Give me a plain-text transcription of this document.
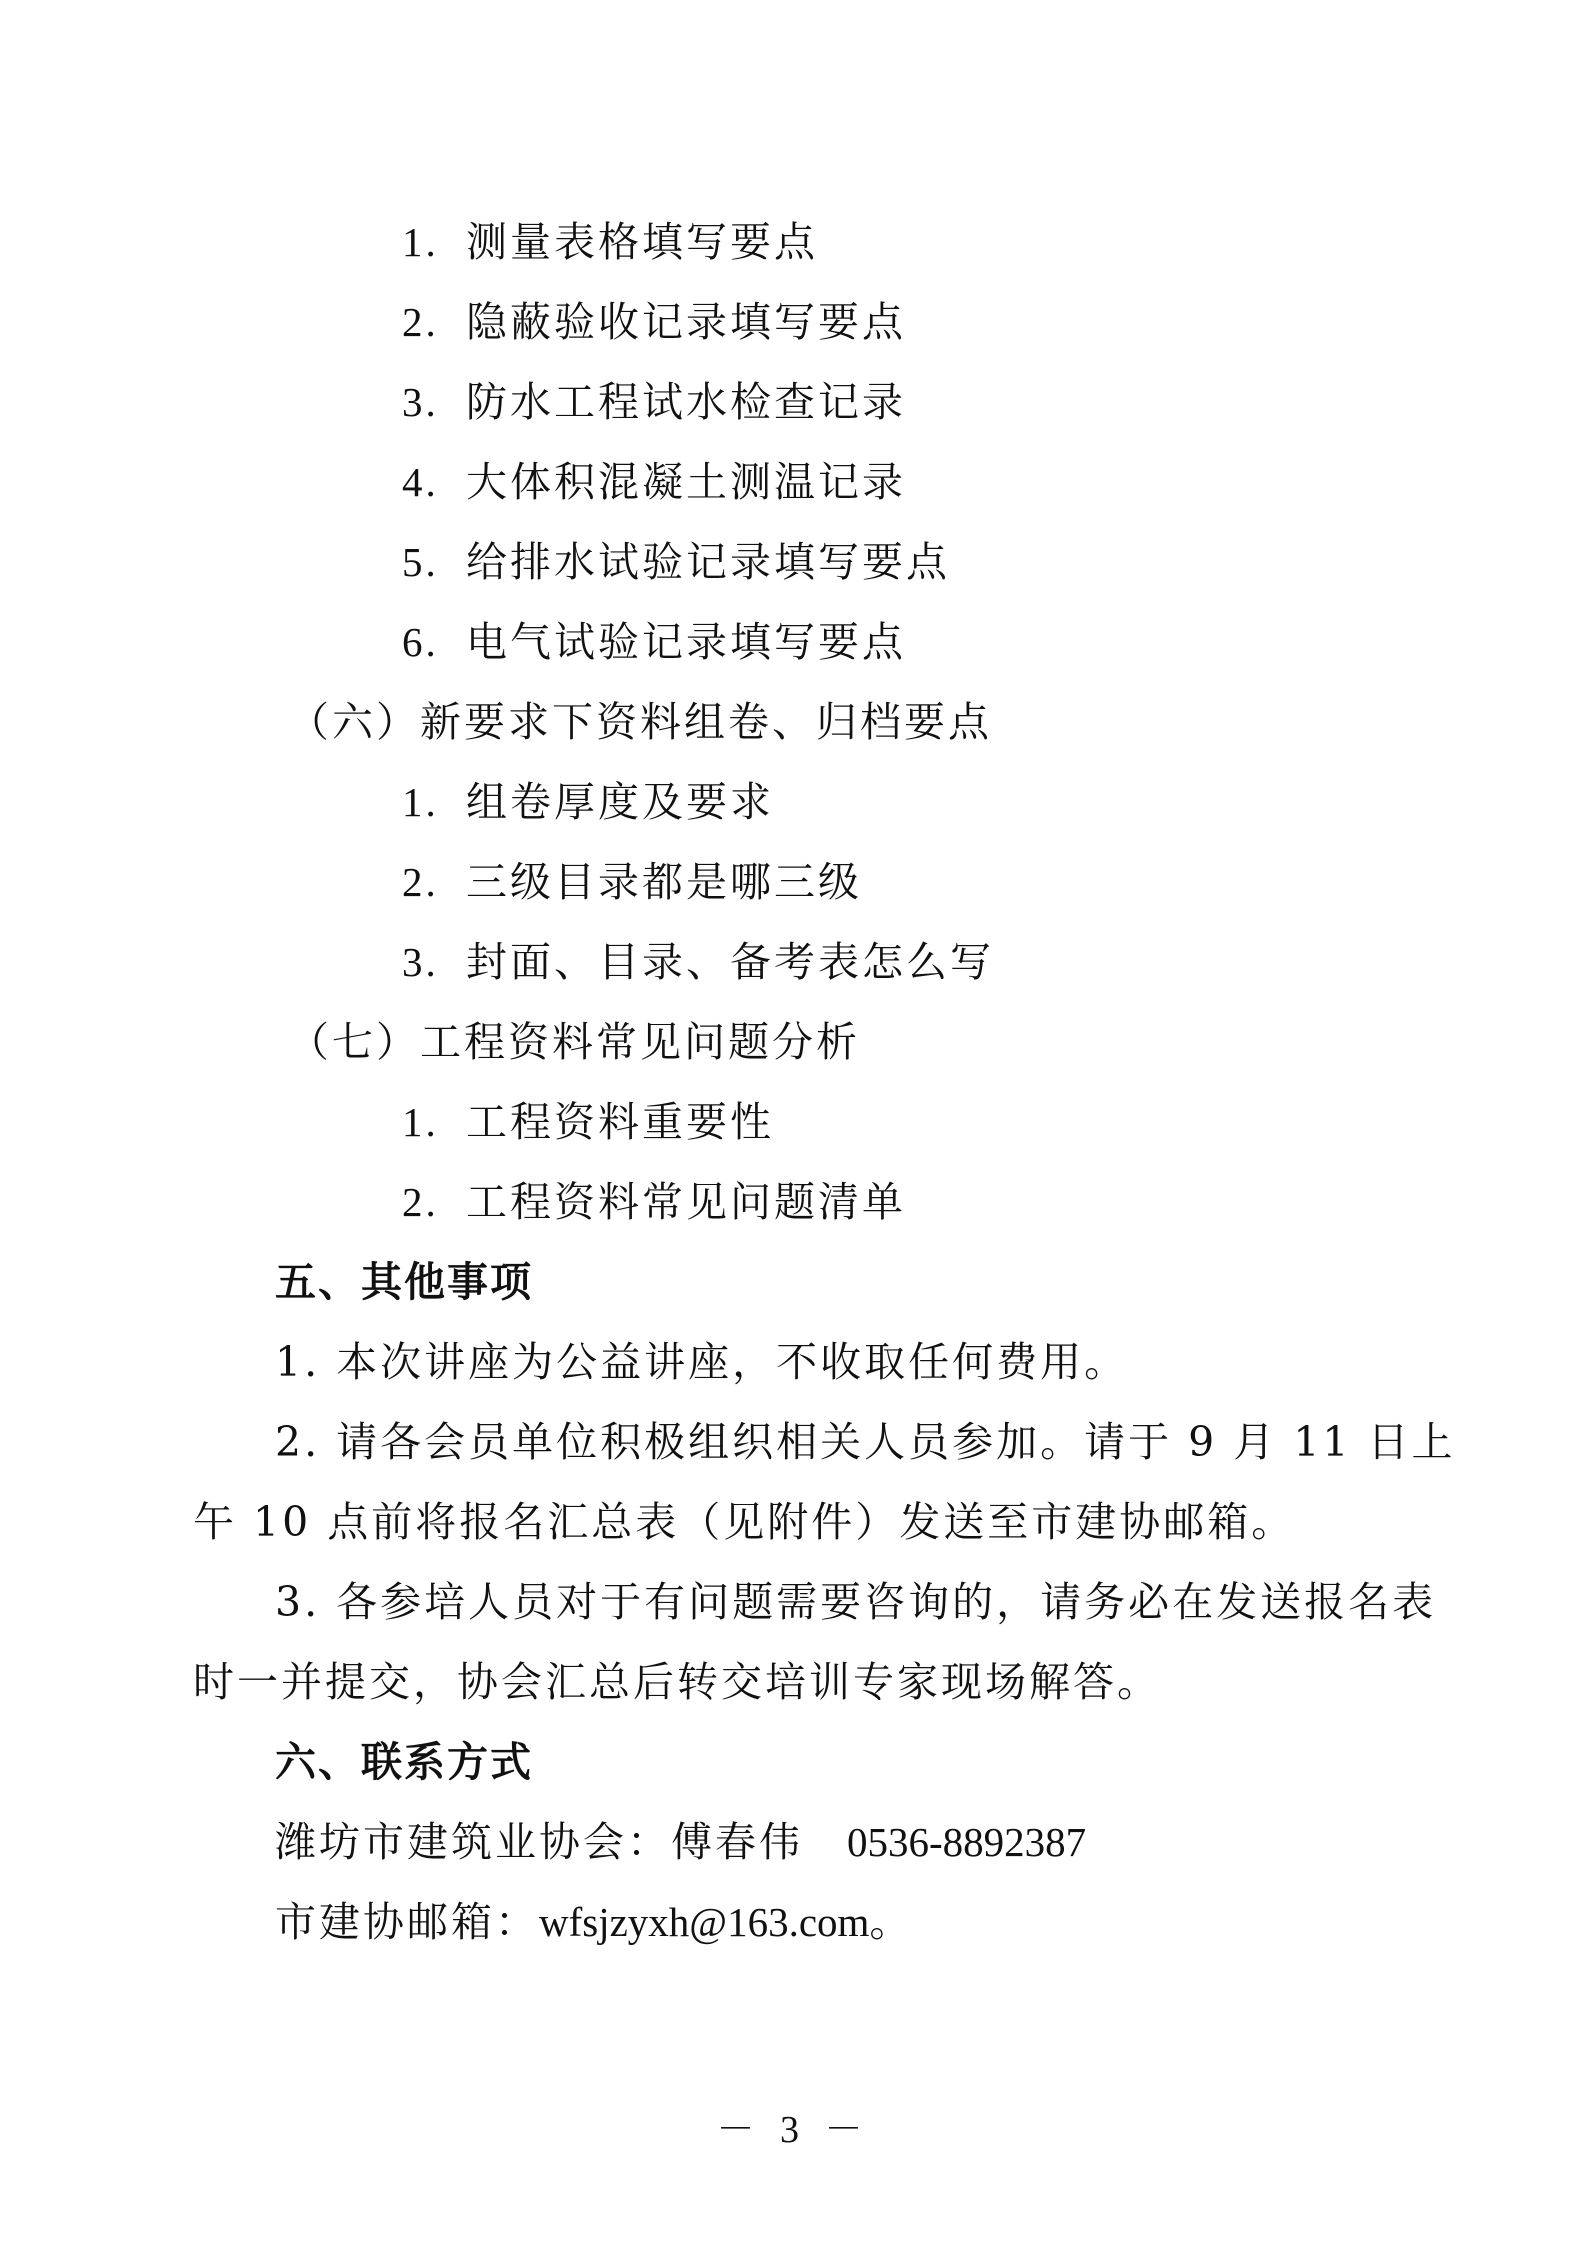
1. 测量表格填写要点
2. 隐蔽验收记录填写要点
3. 防水工程试水检查记录
4. 大体积混凝土测温记录
5. 给排水试验记录填写要点
6. 电气试验记录填写要点
（六）新要求下资料组卷、归档要点
1. 组卷厚度及要求
2. 三级目录都是哪三级
3. 封面、目录、备考表怎么写
（七）工程资料常见问题分析
1. 工程资料重要性
2. 工程资料常见问题清单
五、其他事项
1. 本次讲座为公益讲座，不收取任何费用。
2. 请各会员单位积极组织相关人员参加。请于 9 月 11 日上
午 10 点前将报名汇总表（见附件）发送至市建协邮箱。
3. 各参培人员对于有问题需要咨询的，请务必在发送报名表
时一并提交，协会汇总后转交培训专家现场解答。
六、联系方式
潍坊市建筑业协会：傅春伟 0536-8892387
市建协邮箱：wfsjzyxh@163.com。
－ 3 －
